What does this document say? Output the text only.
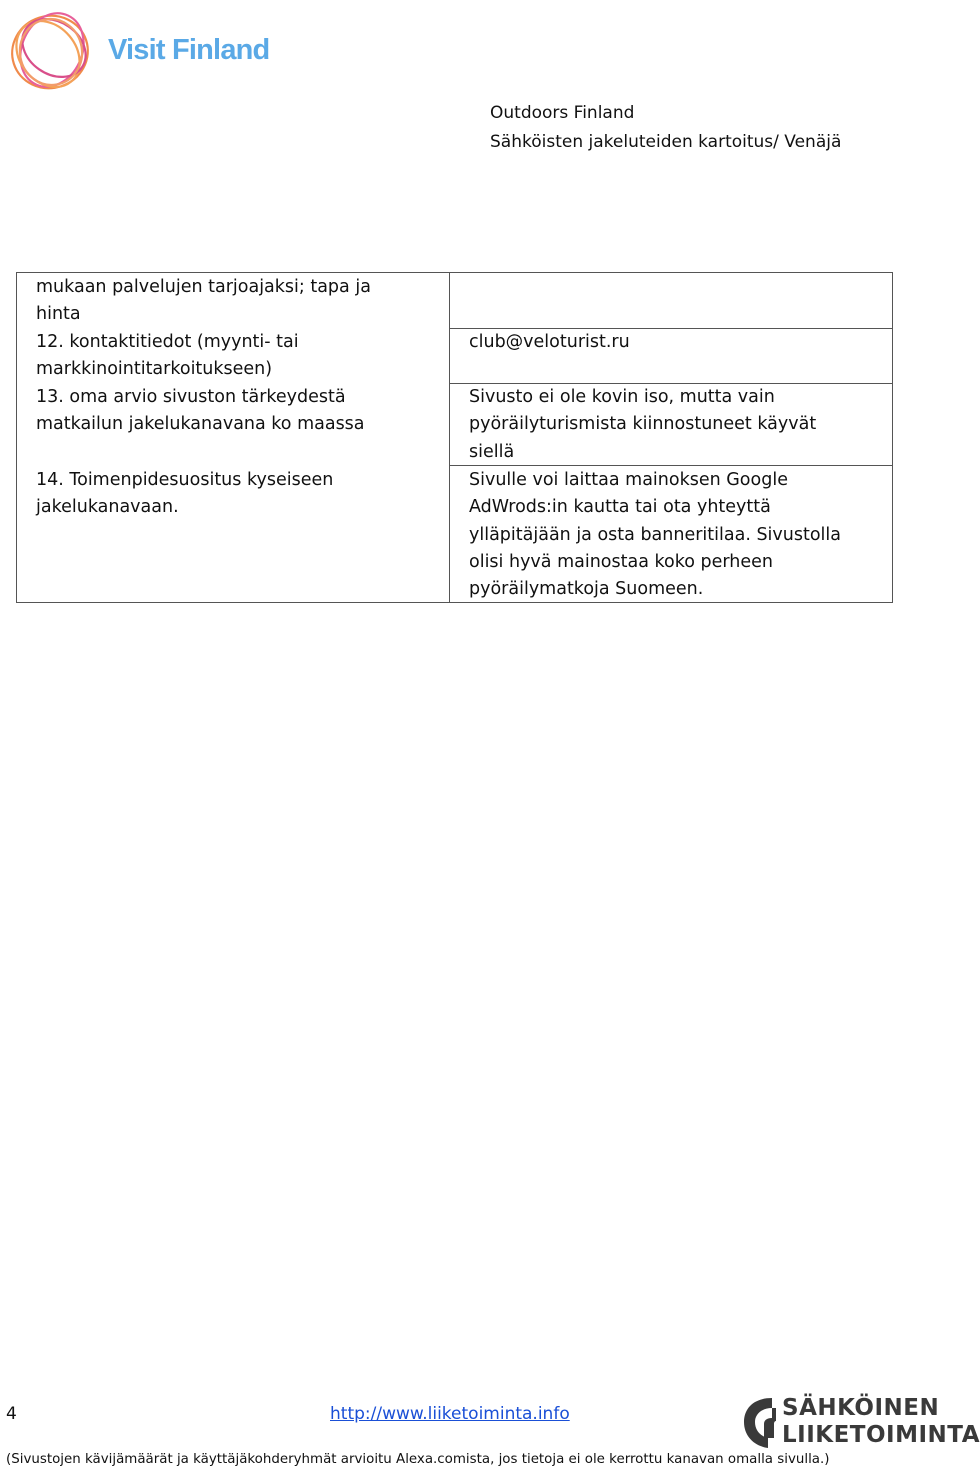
Visit Finland
Outdoors Finland
Sähköisten jakeluteiden kartoitus/ Venäjä
mukaan palvelujen tarjoajaksi; tapa ja
hinta
12. kontaktitiedot (myynti- tai
markkinointitarkoitukseen)
club@veloturist.ru
13. oma arvio sivuston tärkeydestä
matkailun jakelukanavana ko maassa
Sivusto ei ole kovin iso, mutta vain
pyöräilyturismista kiinnostuneet käyvät
siellä
14. Toimenpidesuositus kyseiseen
jakelukanavaan.
Sivulle voi laittaa mainoksen Google
AdWrods:in kautta tai ota yhteyttä
ylläpitäjään ja osta banneritilaa. Sivustolla
olisi hyvä mainostaa koko perheen
pyöräilymatkoja Suomeen.
4	http://www.liiketoiminta.info	SÄHKÖINEN
LIIKETOIMINTA
(Sivustojen kävijämäärät ja käyttäjäkohderyhmät arvioitu Alexa.comista, jos tietoja ei ole kerrottu kanavan omalla sivulla.)
